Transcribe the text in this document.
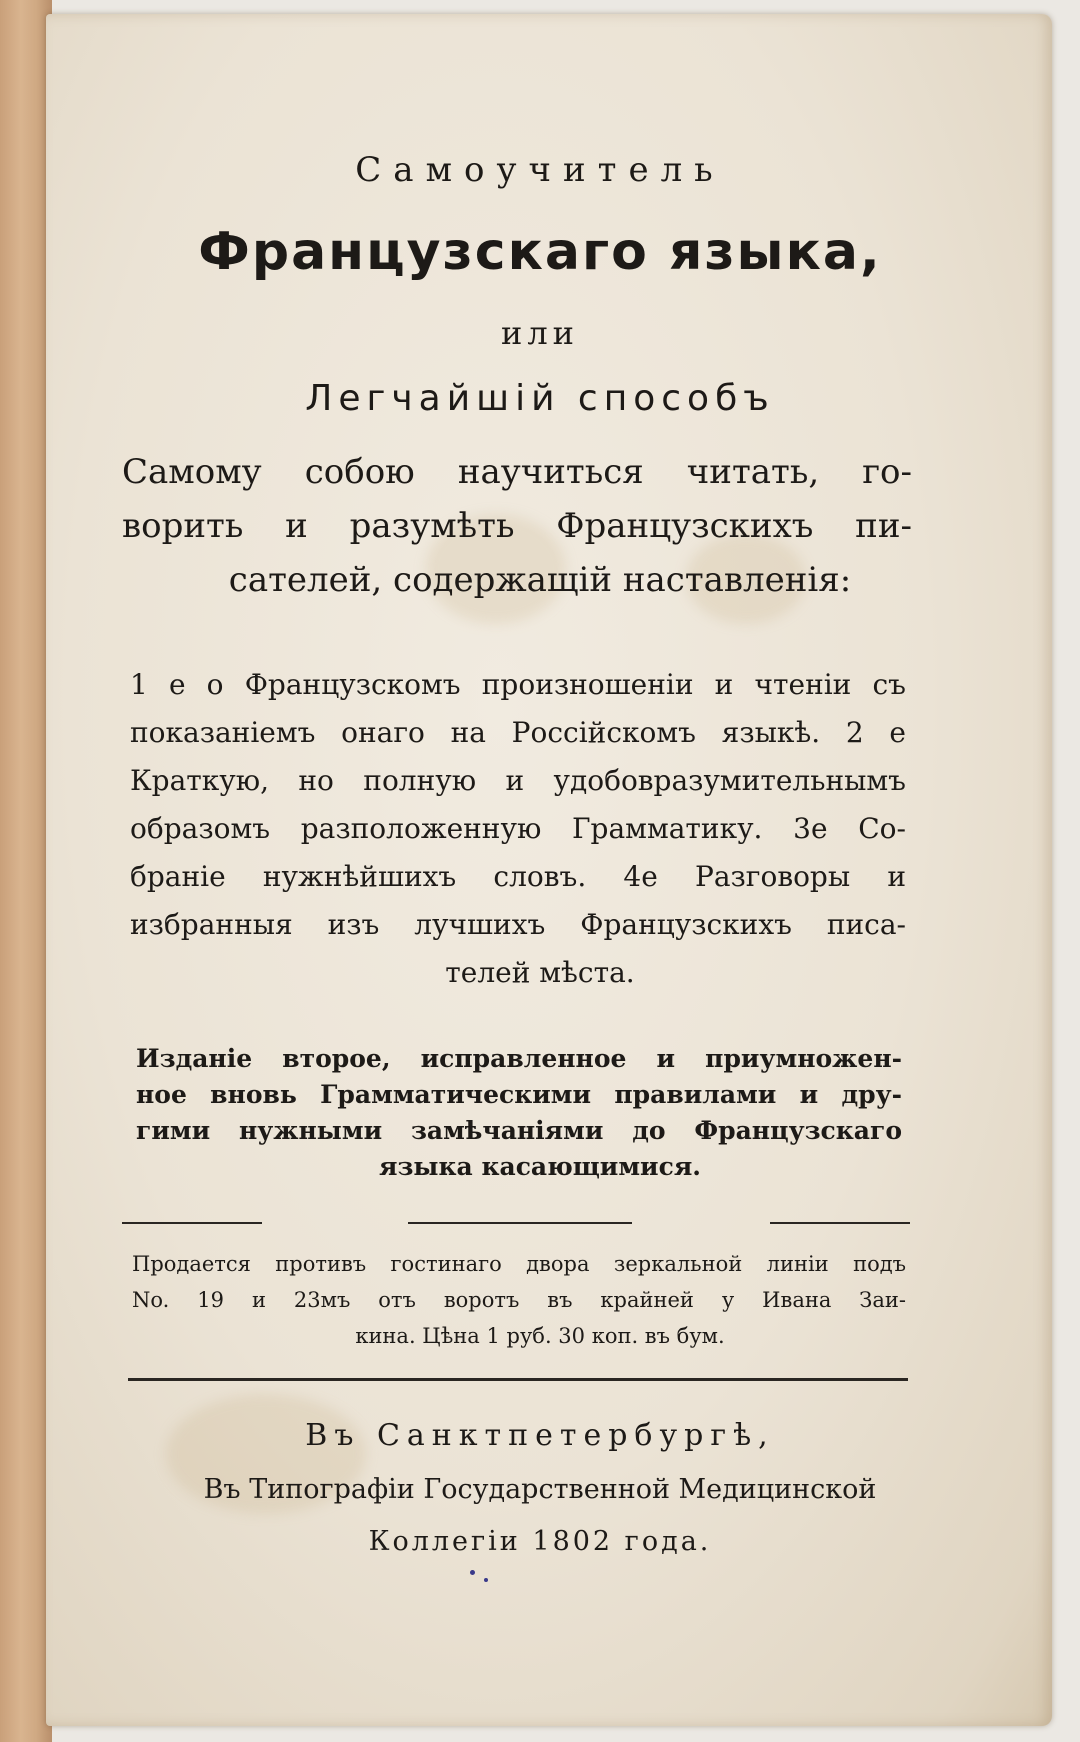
Самоучитель
Французскаго языка,
или
Легчайшій способъ
Самому собою научиться читать, го-
ворить и разумѣть Французскихъ пи-
сателей, содержащій наставленія:
1 е о Французскомъ произношеніи и чтеніи съ
показаніемъ онаго на Россійскомъ языкѣ. 2 е
Краткую, но полную и удобовразумительнымъ
образомъ разположенную Грамматику. 3е Со-
браніе нужнѣйшихъ словъ. 4е Разговоры и
избранныя изъ лучшихъ Французскихъ писа-
телей мѣста.
Изданіе второе, исправленное и приумножен-
ное вновь Грамматическими правилами и дру-
гими нужными замѣчаніями до Французскаго
языка касающимися.
Продается противъ гостинаго двора зеркальной линіи подъ
No. 19 и 23мъ отъ воротъ въ крайней у Ивана Заи-
кина. Цѣна 1 руб. 30 коп. въ бум.
Въ Санктпетербургѣ,
Въ Типографіи Государственной Медицинской
Коллегіи 1802 года.
